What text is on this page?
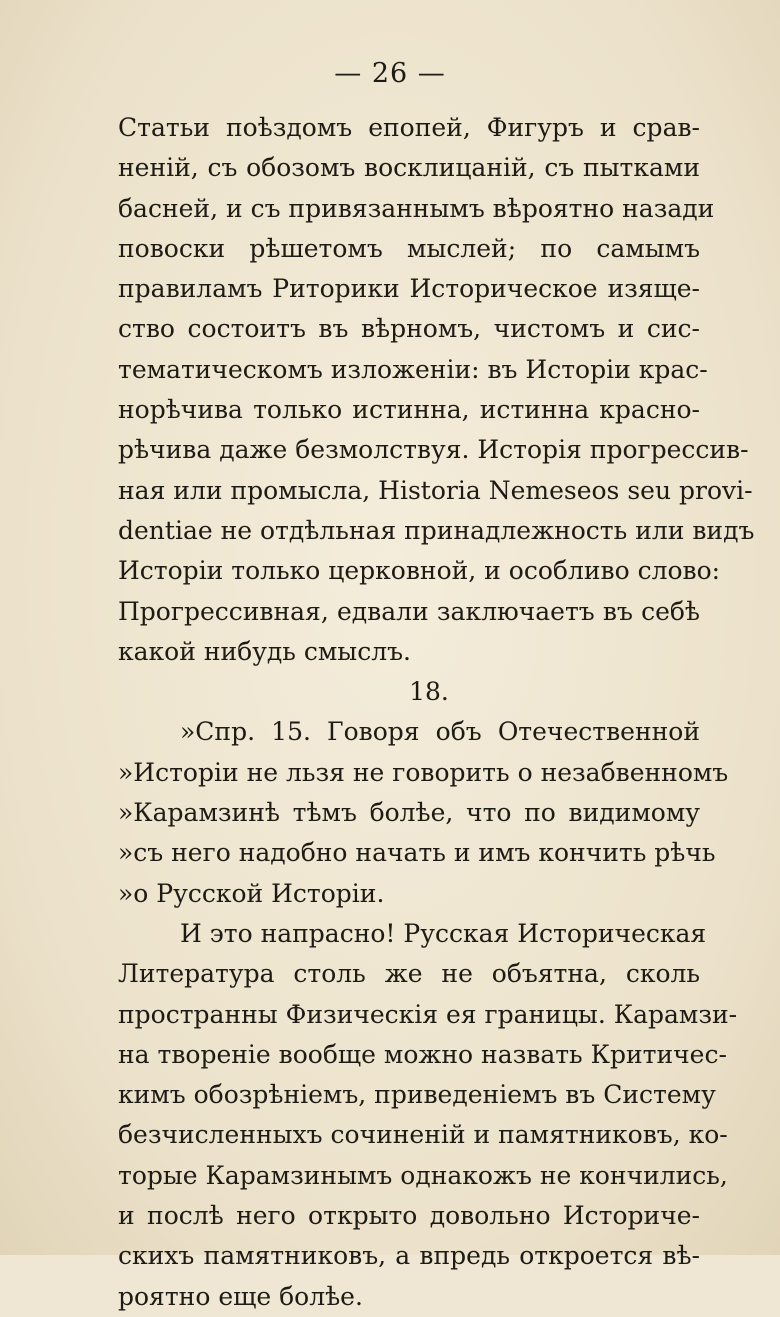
— 26 —
Статьи поѣздомъ епопей, Фигуръ и срав-
ненiй, съ обозомъ восклицанiй, съ пытками
басней, и съ привязаннымъ вѣроятно назади
повоски рѣшетомъ мыслей; по самымъ
правиламъ Риторики Историческое изяще-
ство состоитъ въ вѣрномъ, чистомъ и сис-
тематическомъ изложенiи: въ Исторiи крас-
норѣчива только истинна, истинна красно-
рѣчива даже безмолствуя. Исторiя прогрессив-
ная или промысла, Historia Nemeseos seu provi-
dentiae не отдѣльная принадлежность или видъ
Исторiи только церковной, и особливо слово:
Прогрессивная, едвали заключаетъ въ себѣ
какой нибудь смыслъ.
18.
»Спр. 15. Говоря объ Отечественной
»Исторiи не льзя не говорить о незабвенномъ
»Карамзинѣ тѣмъ болѣе, что по видимому
»съ него надобно начать и имъ кончить рѣчь
»о Русской Исторiи.
И это напрасно! Русская Историческая
Литература столь же не объятна, сколь
пространны Физическiя ея границы. Карамзи-
на творенiе вообще можно назвать Критичес-
кимъ обозрѣнiемъ, приведенiемъ въ Систему
безчисленныхъ сочиненiй и памятниковъ, ко-
торые Карамзинымъ однакожъ не кончились,
и послѣ него открыто довольно Историче-
скихъ памятниковъ, а впредь откроется вѣ-
роятно еще болѣе.
